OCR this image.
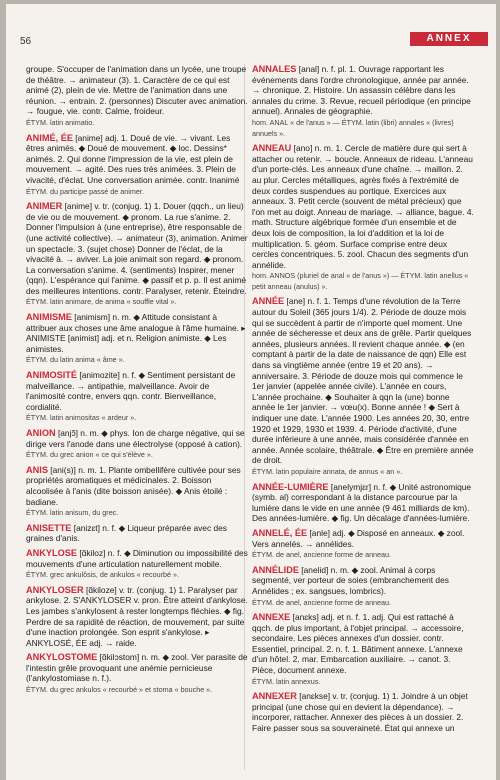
56	ANNEX
groupe. S'occuper de l'animation dans un lycée, une troupe de théâtre. → animateur (3). 1. Caractère de ce qui est animé (2), plein de vie. Mettre de l'animation dans une réunion. → entrain. 2. (personnes) Discuter avec animation. → fougue, vie. contr. Calme, froideur.
ÉTYM. latin animatio.
ANIMÉ, ÉE [anime] adj. 1. Doué de vie. → vivant. Les êtres animés. ◆ Doué de mouvement. ◆ loc. Dessins* animés. 2. Qui donne l'impression de la vie, est plein de mouvement. → agité. Des rues très animées. 3. Plein de vivacité, d'éclat. Une conversation animée. contr. Inanimé
ÉTYM. du participe passé de animer.
ANIMER [anime] v. tr. (conjug. 1) 1. Douer (qqch., un lieu) de vie ou de mouvement. ◆ pronom. La rue s'anime. 2. Donner l'impulsion à (une entreprise), être responsable de (une activité collective). → animateur (3), animation. Animer un spectacle. 3. (sujet chose) Donner de l'éclat, de la vivacité à. → aviver. La joie animait son regard. ◆ pronom. La conversation s'anime. 4. (sentiments) Inspirer, mener (qqn). L'espérance qui l'anime. ◆ passif et p. p. Il est animé des meilleures intentions. contr. Paralyser, retenir. Éteindre.
ÉTYM. latin animare, de anima « souffle vital ».
ANIMISME [animism] n. m. ◆ Attitude consistant à attribuer aux choses une âme analogue à l'âme humaine. ▸ ANIMISTE [animist] adj. et n. Religion animiste. ◆ Les animistes.
ÉTYM. du latin anima « âme ».
ANIMOSITÉ [animozite] n. f. ◆ Sentiment persistant de malveillance. → antipathie, malveillance. Avoir de l'animosité contre, envers qqn. contr. Bienveillance, cordialité.
ÉTYM. latin animositas « ardeur ».
ANION [anjɔ̃] n. m. ◆ phys. Ion de charge négative, qui se dirige vers l'anode dans une électrolyse (opposé à cation).
ÉTYM. du grec anion « ce qui s'élève ».
ANIS [ani(s)] n. m. 1. Plante ombellifère cultivée pour ses propriétés aromatiques et médicinales. 2. Boisson alcoolisée à l'anis (dite boisson anisée). ◆ Anis étoilé : badiane.
ÉTYM. latin anisum, du grec.
ANISETTE [anizɛt] n. f. ◆ Liqueur préparée avec des graines d'anis.
ANKYLOSE [ɑ̃kiloz] n. f. ◆ Diminution ou impossibilité des mouvements d'une articulation naturellement mobile.
ÉTYM. grec ankulôsis, de ankulos « recourbé ».
ANKYLOSER [ɑ̃kiloze] v. tr. (conjug. 1) 1. Paralyser par ankylose. 2. S'ANKYLOSER v. pron. Être atteint d'ankylose. Les jambes s'ankylosent à rester longtemps fléchies. ◆ fig. Perdre de sa rapidité de réaction, de mouvement, par suite d'une inaction prolongée. Son esprit s'ankylose. ▸ ANKYLOSÉ, ÉE adj. → raide.
ANKYLOSTOME [ɑ̃kilɔstom] n. m. ◆ zool. Ver parasite de l'intestin grêle provoquant une anémie pernicieuse (l'ankylostomiase n. f.).
ÉTYM. du grec ankulos « recourbé » et stoma « bouche ».
ANNALES [anal] n. f. pl. 1. Ouvrage rapportant les événements dans l'ordre chronologique, année par année. → chronique. 2. Histoire. Un assassin célèbre dans les annales du crime. 3. Revue, recueil périodique (en principe annuel). Annales de géographie.
hom. ANAL « de l'anus » — ÉTYM. latin (libri) annales « (livres) annuels ».
ANNEAU [ano] n. m. 1. Cercle de matière dure qui sert à attacher ou retenir. → boucle. Anneaux de rideau. L'anneau d'un porte-clés. Les anneaux d'une chaîne. → maillon. 2. au plur. Cercles métalliques, agrès fixés à l'extrémité de deux cordes suspendues au portique. Exercices aux anneaux. 3. Petit cercle (souvent de métal précieux) que l'on met au doigt. Anneau de mariage. → alliance, bague. 4. math. Structure algébrique formée d'un ensemble et de deux lois de composition, la loi d'addition et la loi de multiplication. 5. géom. Surface comprise entre deux cercles concentriques. 5. zool. Chacun des segments d'un annélide.
hom. ANNOS (pluriel de anal « de l'anus ») — ÉTYM. latin anellus « petit anneau (anulus) ».
ANNÉE [ane] n. f. 1. Temps d'une révolution de la Terre autour du Soleil (365 jours 1/4). 2. Période de douze mois qui se succèdent à partir de n'importe quel moment. Une année de sécheresse et deux ans de grêle. Partir quelques années, plusieurs années. Il revient chaque année. ◆ (en comptant à partir de la date de naissance de qqn) Elle est dans sa vingtième année (entre 19 et 20 ans). → anniversaire. 3. Période de douze mois qui commence le 1er janvier (appelée année civile). L'année en cours, L'année prochaine. ◆ Souhaiter à qqn la (une) bonne année le 1er janvier. → vœu(x). Bonne année ! ◆ Sert à indiquer une date. L'année 1900. Les années 20, 30, entre 1920 et 1929, 1930 et 1939. 4. Période d'activité, d'une durée inférieure à une année, mais considérée d'année en année. Année scolaire, théâtrale. ◆ Être en première année de droit.
ÉTYM. latin populaire annata, de annus « an ».
ANNÉE-LUMIÈRE [anelymjɛr] n. f. ◆ Unité astronomique (symb. al) correspondant à la distance parcourue par la lumière dans le vide en une année (9 461 milliards de km). Des années-lumière. ◆ fig. Un décalage d'années-lumière.
ANNELÉ, ÉE [anle] adj. ◆ Disposé en anneaux. ◆ zool. Vers annelés. → annélides.
ÉTYM. de anel, ancienne forme de anneau.
ANNÉLIDE [anelid] n. m. ◆ zool. Animal à corps segmenté, ver porteur de soies (embranchement des Annélides ; ex. sangsues, lombrics).
ÉTYM. de anel, ancienne forme de anneau.
ANNEXE [anɛks] adj. et n. f. 1. adj. Qui est rattaché à qqch. de plus important, à l'objet principal. → accessoire, secondaire. Les pièces annexes d'un dossier. contr. Essentiel, principal. 2. n. f. 1. Bâtiment annexe. L'annexe d'un hôtel. 2. mar. Embarcation auxiliaire. → canot. 3. Pièce, document annexe.
ÉTYM. latin annexus.
ANNEXER [anɛkse] v. tr. (conjug. 1) 1. Joindre à un objet principal (une chose qui en devient la dépendance). → incorporer, rattacher. Annexer des pièces à un dossier. 2. Faire passer sous sa souveraineté. État qui annexe un
